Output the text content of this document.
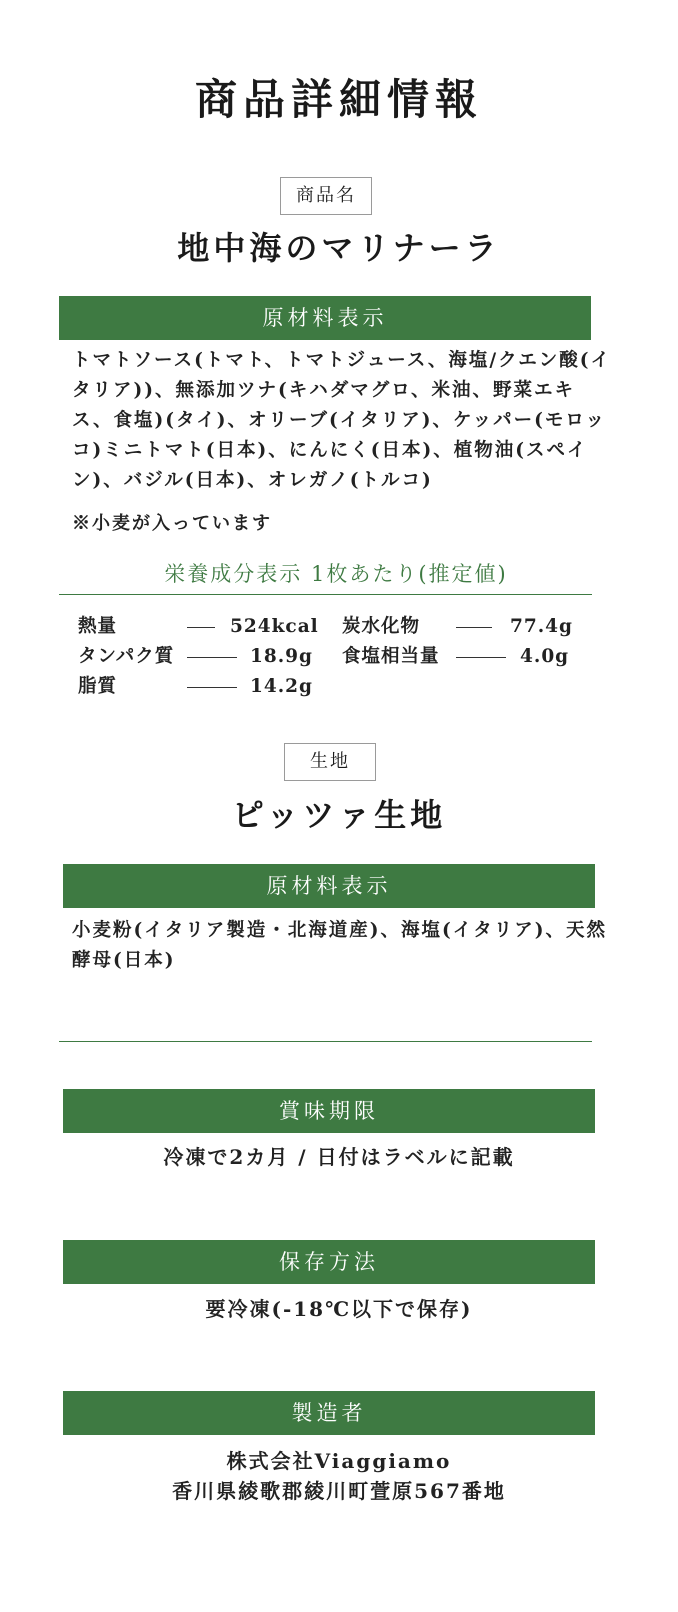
商品詳細情報
商品名
地中海のマリナーラ
原材料表示
トマトソース(トマト、トマトジュース、海塩/クエン酸(イ
タリア))、無添加ツナ(キハダマグロ、米油、野菜エキ
ス、食塩)(タイ)、オリーブ(イタリア)、ケッパー(モロッ
コ)ミニトマト(日本)、にんにく(日本)、植物油(スペイ
ン)、バジル(日本)、オレガノ(トルコ)
※小麦が入っています
栄養成分表示 1枚あたり(推定値)
熱量	524kcal 炭水化物	77.4g
タンパク質	18.9g 食塩相当量	4.0g
脂質	14.2g
生地
ピッツァ生地
原材料表示
小麦粉(イタリア製造・北海道産)、海塩(イタリア)、天然
酵母(日本)
賞味期限
冷凍で2カ月 / 日付はラベルに記載
保存方法
要冷凍(-18℃以下で保存)
製造者
株式会社Viaggiamo
香川県綾歌郡綾川町萱原567番地
